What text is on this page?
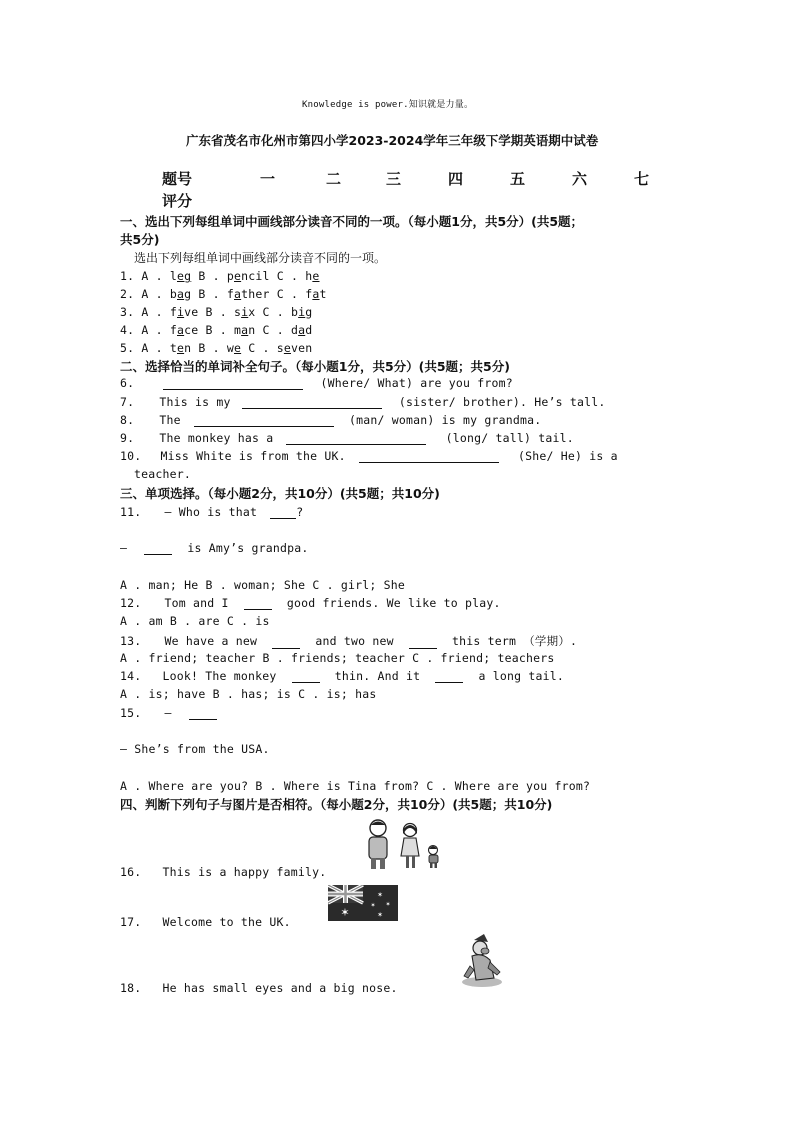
Knowledge is power.知识就是力量。
广东省茂名市化州市第四小学2023-2024学年三年级下学期英语期中试卷
题号	一	二	三	四	五	六	七
评分
一、选出下列每组单词中画线部分读音不同的一项。（每小题1分，共5分）(共5题；
共5分)
选出下列每组单词中画线部分读音不同的一项。
1. A . leg B . pencil C . he
2. A . bag B . father C . fat
3. A . five B . six C . big
4. A . face B . man C . dad
5. A . ten B . we C . seven
二、选择恰当的单词补全句子。（每小题1分，共5分）(共5题；共5分)
6.	(Where/ What) are you from?
7. This is my	(sister/ brother). He’s tall.
8. The	(man/ woman) is my grandma.
9. The monkey has a	(long/ tall) tail.
10. Miss White is from the UK.	(She/ He) is a
teacher.
三、单项选择。（每小题2分，共10分）(共5题；共10分)
11. — Who is that	?
—	is Amy’s grandpa.
A . man; He B . woman; She C . girl; She
12. Tom and I	good friends. We like to play.
A . am B . are C . is
13. We have a new	and two new	this term （学期）.
A . friend; teacher B . friends; teacher C . friend; teachers
14. Look! The monkey	thin. And it	a long tail.
A . is; have B . has; is C . is; has
15. —
— She’s from the USA.
A . Where are you? B . Where is Tina from? C . Where are you from?
四、判断下列句子与图片是否相符。（每小题2分，共10分）(共5题；共10分)
16. This is a happy family.
✶
✶
✶ ✶
✶
17. Welcome to the UK.
18. He has small eyes and a big nose.
